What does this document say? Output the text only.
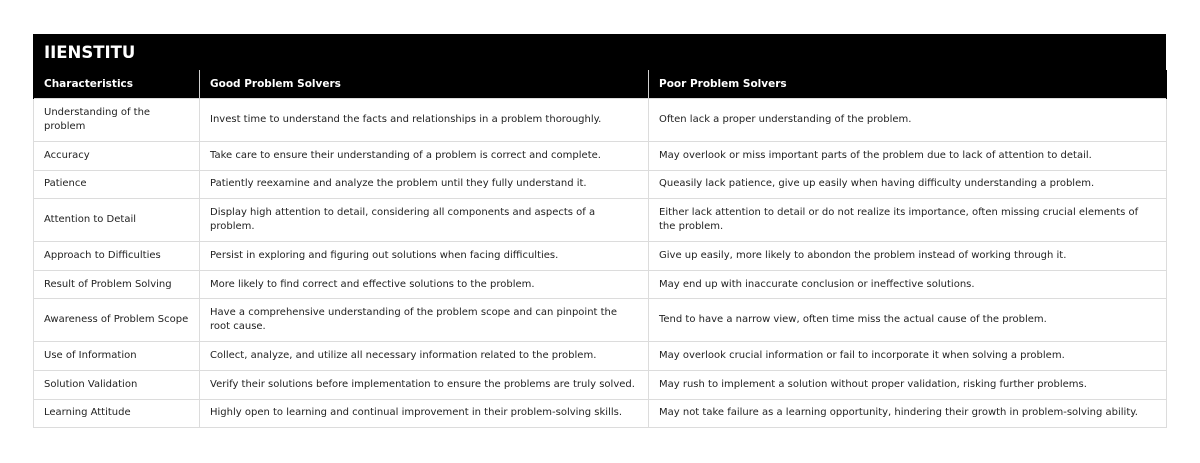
IIENSTITU
Characteristics	Good Problem Solvers	Poor Problem Solvers
Understanding of the problem	Invest time to understand the facts and relationships in a problem thoroughly.	Often lack a proper understanding of the problem.
Accuracy	Take care to ensure their understanding of a problem is correct and complete.	May overlook or miss important parts of the problem due to lack of attention to detail.
Patience	Patiently reexamine and analyze the problem until they fully understand it.	Queasily lack patience, give up easily when having difficulty understanding a problem.
Attention to Detail	Display high attention to detail, considering all components and aspects of a problem.	Either lack attention to detail or do not realize its importance, often missing crucial elements of the problem.
Approach to Difficulties	Persist in exploring and figuring out solutions when facing difficulties.	Give up easily, more likely to abondon the problem instead of working through it.
Result of Problem Solving	More likely to find correct and effective solutions to the problem.	May end up with inaccurate conclusion or ineffective solutions.
Awareness of Problem Scope	Have a comprehensive understanding of the problem scope and can pinpoint the root cause.	Tend to have a narrow view, often time miss the actual cause of the problem.
Use of Information	Collect, analyze, and utilize all necessary information related to the problem.	May overlook crucial information or fail to incorporate it when solving a problem.
Solution Validation	Verify their solutions before implementation to ensure the problems are truly solved.	May rush to implement a solution without proper validation, risking further problems.
Learning Attitude	Highly open to learning and continual improvement in their problem-solving skills.	May not take failure as a learning opportunity, hindering their growth in problem-solving ability.
